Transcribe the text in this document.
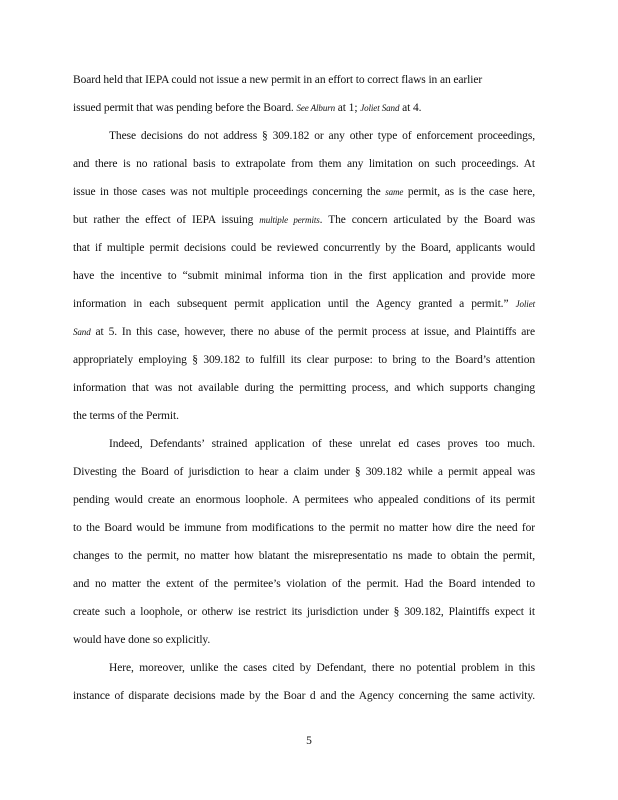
Board held that IEPA could not issue a new permit in an effort to correct flaws in an earlier
issued permit that was pending before the Board. See Alburn at 1; Joliet Sand at 4.
These decisions do not address § 309.182 or any other type of enforcement proceedings,
and there is no rational basis to extrapolate from them any limitation on such proceedings. At
issue in those cases was not multiple proceedings concerning the same permit, as is the case here,
but rather the effect of IEPA issuing multiple permits. The concern articulated by the Board was
that if multiple permit decisions could be reviewed concurrently by the Board, applicants would
have the incentive to “submit minimal informa tion in the first application and provide more
information in each subsequent permit application until the Agency granted a permit.” Joliet
Sand at 5. In this case, however, there no abuse of the permit process at issue, and Plaintiffs are
appropriately employing § 309.182 to fulfill its clear purpose: to bring to the Board’s attention
information that was not available during the permitting process, and which supports changing
the terms of the Permit.
Indeed, Defendants’ strained application of these unrelat ed cases proves too much.
Divesting the Board of jurisdiction to hear a claim under § 309.182 while a permit appeal was
pending would create an enormous loophole. A permitees who appealed conditions of its permit
to the Board would be immune from modifications to the permit no matter how dire the need for
changes to the permit, no matter how blatant the misrepresentatio ns made to obtain the permit,
and no matter the extent of the permitee’s violation of the permit. Had the Board intended to
create such a loophole, or otherw ise restrict its jurisdiction under § 309.182, Plaintiffs expect it
would have done so explicitly.
Here, moreover, unlike the cases cited by Defendant, there no potential problem in this
instance of disparate decisions made by the Boar d and the Agency concerning the same activity.
5
